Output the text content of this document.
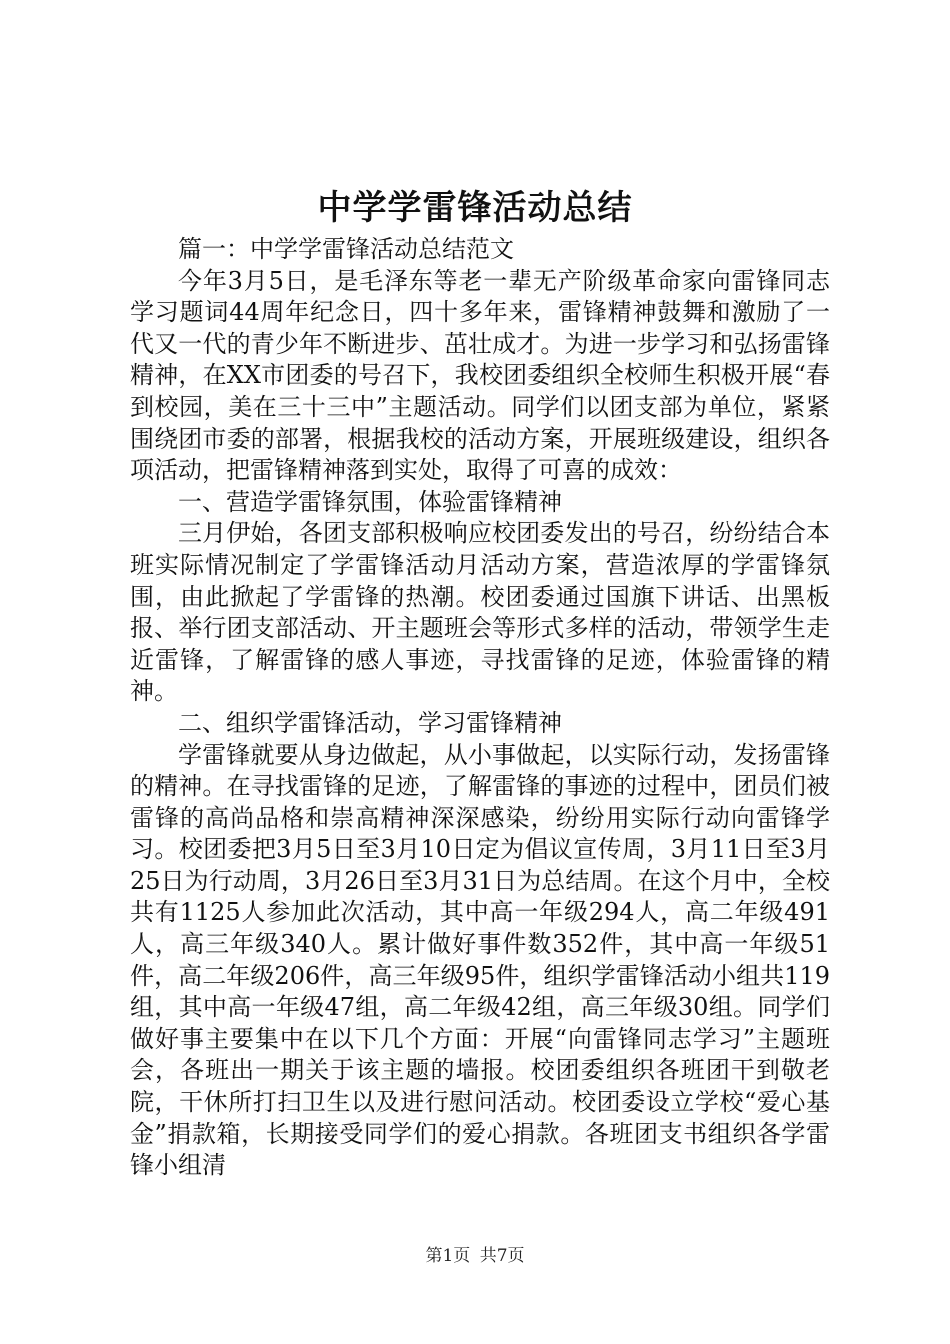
中学学雷锋活动总结

篇一：中学学雷锋活动总结范文

今年3月5日，是毛泽东等老一辈无产阶级革命家向雷锋同志学习题词44周年纪念日，四十多年来，雷锋精神鼓舞和激励了一代又一代的青少年不断进步、茁壮成才。为进一步学习和弘扬雷锋精神，在XX市团委的号召下，我校团委组织全校师生积极开展“春到校园，美在三十三中”主题活动。同学们以团支部为单位，紧紧围绕团市委的部署，根据我校的活动方案，开展班级建设，组织各项活动，把雷锋精神落到实处，取得了可喜的成效：

一、营造学雷锋氛围，体验雷锋精神

三月伊始，各团支部积极响应校团委发出的号召，纷纷结合本班实际情况制定了学雷锋活动月活动方案，营造浓厚的学雷锋氛围，由此掀起了学雷锋的热潮。校团委通过国旗下讲话、出黑板报、举行团支部活动、开主题班会等形式多样的活动，带领学生走近雷锋，了解雷锋的感人事迹，寻找雷锋的足迹，体验雷锋的精神。

二、组织学雷锋活动，学习雷锋精神

学雷锋就要从身边做起，从小事做起，以实际行动，发扬雷锋的精神。在寻找雷锋的足迹，了解雷锋的事迹的过程中，团员们被雷锋的高尚品格和崇高精神深深感染，纷纷用实际行动向雷锋学习。校团委把3月5日至3月10日定为倡议宣传周，3月11日至3月25日为行动周，3月26日至3月31日为总结周。在这个月中，全校共有1125人参加此次活动，其中高一年级294人，高二年级491人，高三年级340人。累计做好事件数352件，其中高一年级51件，高二年级206件，高三年级95件，组织学雷锋活动小组共119组，其中高一年级47组，高二年级42组，高三年级30组。同学们做好事主要集中在以下几个方面：开展“向雷锋同志学习”主题班会，各班出一期关于该主题的墙报。校团委组织各班团干到敬老院，干休所打扫卫生以及进行慰问活动。校团委设立学校“爱心基金”捐款箱，长期接受同学们的爱心捐款。各班团支书组织各学雷锋小组清

第1页 共7页
